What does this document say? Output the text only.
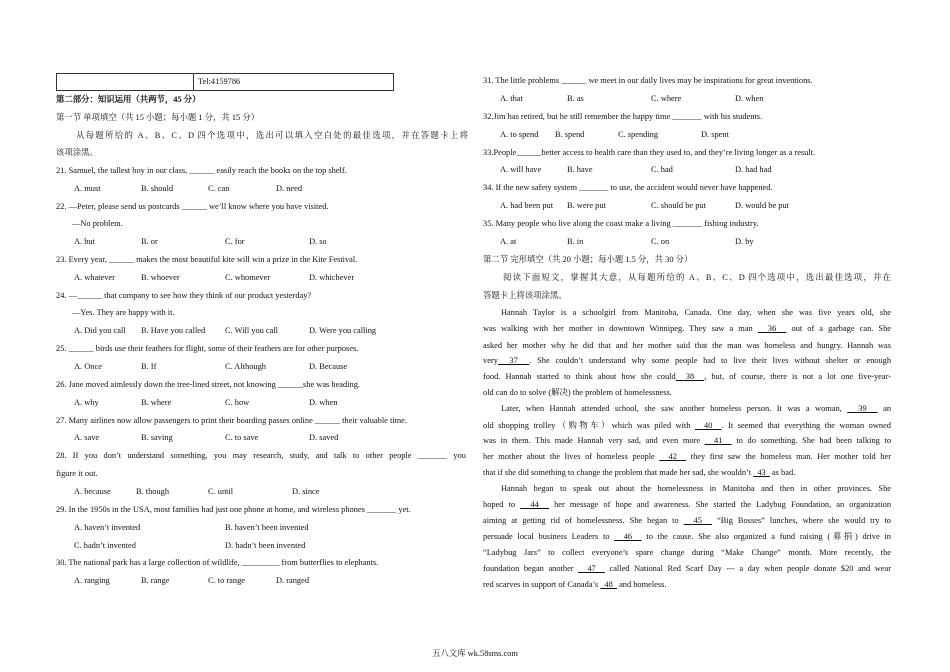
Tel:4159786
第二部分：知识运用（共两节，45 分）
第一节 单项填空（共 15 小题；每小题 1 分，共 15 分）
从每题所给的 A、B、C、D 四个选项中，选出可以填入空白处的最佳选项，并在答题卡上将
该项涂黑。
21. Samuel, the tallest boy in our class, ______ easily reach the books on the top shelf.
A. must	B. should	C. can	D. need
22. —Peter, please send us postcards ______ we’ll know where you have visited.
—No problem.
A. but	B. or	C. for	D. so
23. Every year, ______ makes the most beautiful kite will win a prize in the Kite Festival.
A. whatever	B. whoever	C. whomever	D. whichever
24. —______ that company to see how they think of our product yesterday?
—Yes. They are happy with it.
A. Did you call B. Have you called C. Will you call	D. Were you calling
25. ______ birds use their feathers for flight, some of their feathers are for other purposes.
A. Once	B. If	C. Although	D. Because
26. Jane moved aimlessly down the tree-lined street, not knowing ______she was heading.
A. why	B. where	C. how	D. when
27. Many airlines now allow passengers to print their boarding passes online ______ their valuable time.
A. save	B. saving	C. to save	D. saved
28. If you don’t understand something, you may research, study, and talk to other people _______ you
figure it out.
A. because	B. though	C. until	D. since
29. In the 1950s in the USA, most families had just one phone at home, and wireless phones _______ yet.
A. haven’t invented	B. haven’t been invented
C. hadn’t invented	D. hadn’t been invented
30. The national park has a large collection of wildlife, _________ from butterflies to elephants.
A. ranging	B. range	C. to range	D. ranged
31. The little problems ______ we meet in our daily lives may be inspirations for great inventions.
A. that	B. as	C. where	D. when
32.Jim has retired, but he still remember the happy time _______ with his students.
A. to spend B. spend	C. spending	D. spent
33.People______better access to health care than they used to, and they’re living longer as a result.
A. will have	B. have	C. had	D. had had
34. If the new safety system _______ to use, the accident would never have happened.
A. had been put B. were put	C. should be put	D. would be put
35. Many people who live along the coast make a living _______ fishing industry.
A. at	B. in	C. on	D. by
第二节 完形填空（共 20 小题；每小题 1.5 分，共 30 分）
阅读下面短文，掌握其大意，从每题所给的 A、B、C、D 四个选项中，选出最佳选项，并在
答题卡上将该项涂黑。
Hannah Taylor is a schoolgirl from Manitoba, Canada. One day, when she was five years old, she
was walking with her mother in downtown Winnipeg. They saw a man   36   out of a garbage can. She
asked her mother why he did that and her mother said that the man was homeless and hungry. Hannah was
very  37  . She couldn’t understand why some people had to live their lives without shelter or enough
food. Hannah started to think about how she could  38  , but, of course, there is not a lot one five-year-
old can do to solve (解决) the problem of homelessness.
Later, when Hannah attended school, she saw another homeless person. It was a woman,   39   an
old shopping trolley（购物车）which was piled with   40  . It seemed that everything the woman owned
was in them. This made Hannah very sad, and even more   41   to do something. She had been talking to
her mother about the lives of homeless people   42   they first saw the homeless man. Her mother told her
that if she did something to change the problem that made her sad, she wouldn’t   43   as bad.
Hannah began to speak out about the homelessness in Manitoba and then in other provinces. She
hoped to   44   her message of hope and awareness. She started the Ladybug Foundation, an organization
aiming at getting rid of homelessness. She began to   45   “Big Bosses” lunches, where she would try to
persuade local business Leaders to   46   to the cause. She also organized a fund raising (募捐) drive in
“Ladybug Jars” to collect everyone’s spare change during “Make Change” month. More recently, the
foundation began another   47   called National Red Scarf Day --- a day when people donate $20 and wear
red scarves in support of Canada’s   48   and homeless.
五八文库 wk.58sms.com
